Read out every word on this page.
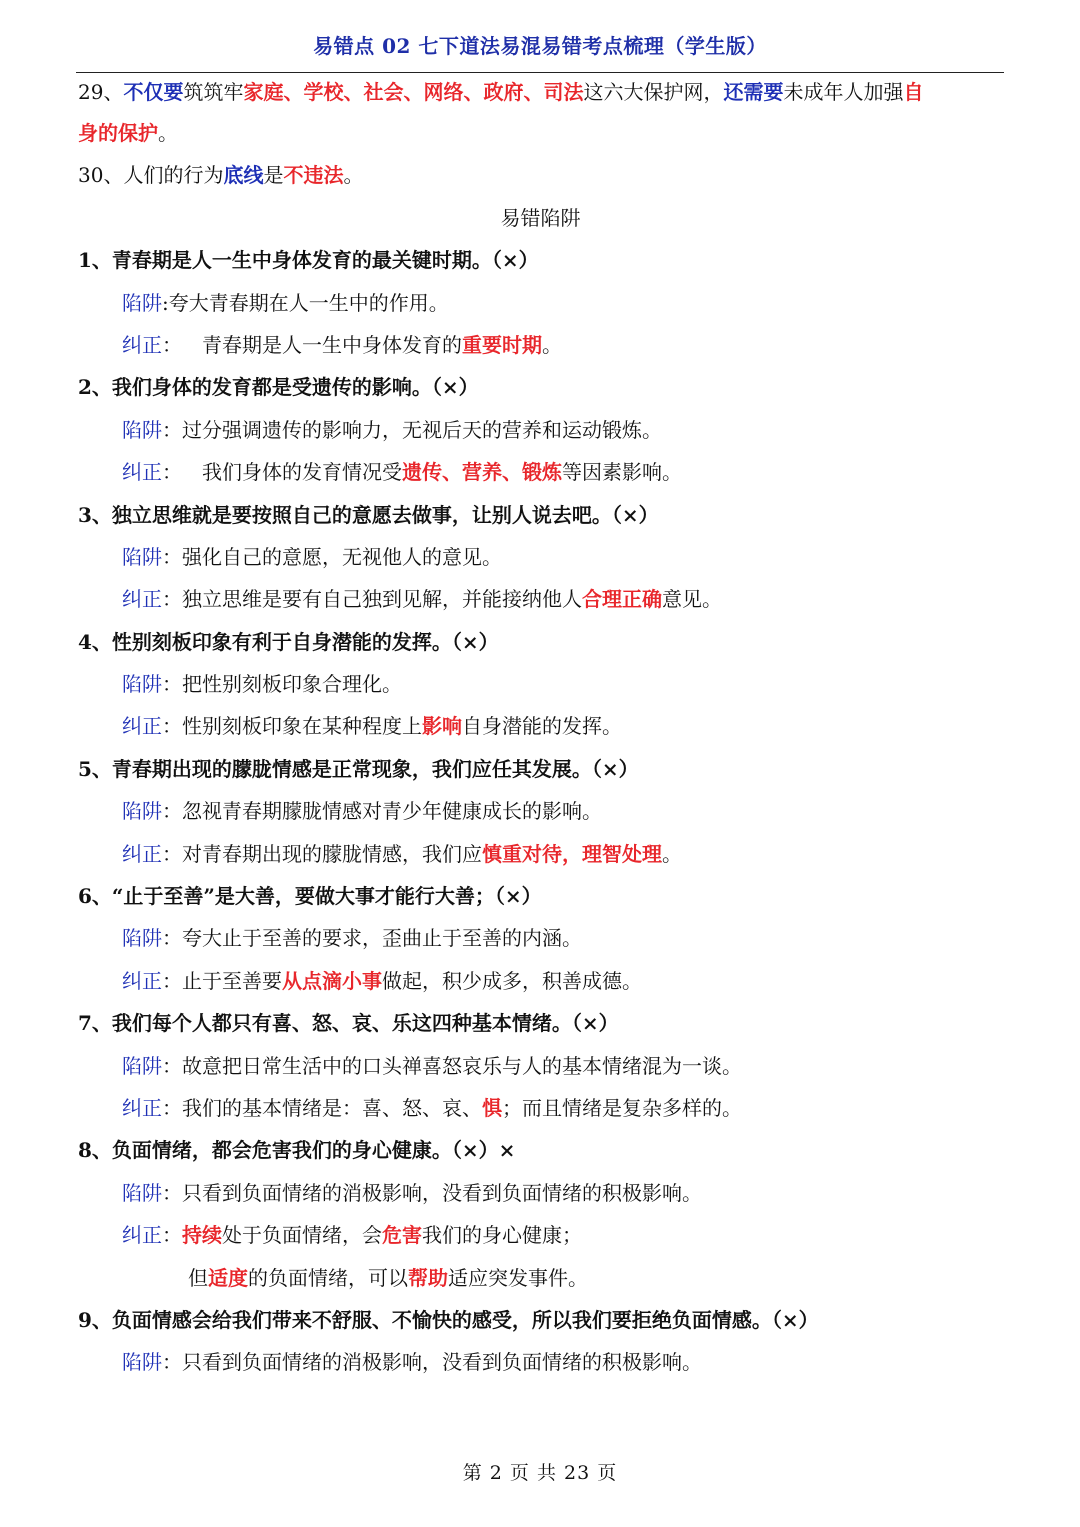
易错点 02 七下道法易混易错考点梳理（学生版）
29、不仅要筑筑牢家庭、学校、社会、网络、政府、司法这六大保护网，还需要未成年人加强自
身的保护。
30、人们的行为底线是不违法。
易错陷阱
1、青春期是人一生中身体发育的最关键时期。（×）
陷阱:夸大青春期在人一生中的作用。
纠正： 青春期是人一生中身体发育的重要时期。
2、我们身体的发育都是受遗传的影响。（×）
陷阱：过分强调遗传的影响力，无视后天的营养和运动锻炼。
纠正： 我们身体的发育情况受遗传、营养、锻炼等因素影响。
3、独立思维就是要按照自己的意愿去做事，让别人说去吧。（×）
陷阱：强化自己的意愿，无视他人的意见。
纠正：独立思维是要有自己独到见解，并能接纳他人合理正确意见。
4、性别刻板印象有利于自身潜能的发挥。（×）
陷阱：把性别刻板印象合理化。
纠正：性别刻板印象在某种程度上影响自身潜能的发挥。
5、青春期出现的朦胧情感是正常现象，我们应任其发展。（×）
陷阱：忽视青春期朦胧情感对青少年健康成长的影响。
纠正：对青春期出现的朦胧情感，我们应慎重对待，理智处理。
6、“止于至善”是大善，要做大事才能行大善；（×）
陷阱：夸大止于至善的要求，歪曲止于至善的内涵。
纠正：止于至善要从点滴小事做起，积少成多，积善成德。
7、我们每个人都只有喜、怒、哀、乐这四种基本情绪。（×）
陷阱：故意把日常生活中的口头禅喜怒哀乐与人的基本情绪混为一谈。
纠正：我们的基本情绪是：喜、怒、哀、惧；而且情绪是复杂多样的。
8、负面情绪，都会危害我们的身心健康。（×）×
陷阱：只看到负面情绪的消极影响，没看到负面情绪的积极影响。
纠正：持续处于负面情绪，会危害我们的身心健康；
但适度的负面情绪，可以帮助适应突发事件。
9、负面情感会给我们带来不舒服、不愉快的感受，所以我们要拒绝负面情感。（×）
陷阱：只看到负面情绪的消极影响，没看到负面情绪的积极影响。
第 2 页 共 23 页
